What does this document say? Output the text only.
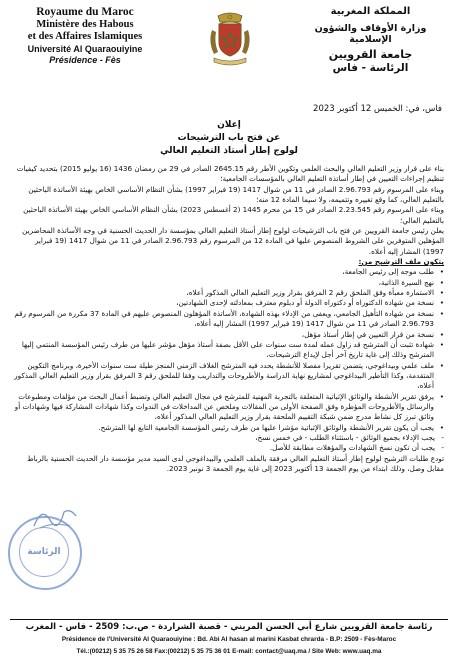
Royaume du Maroc
Ministère des Habous
et des Affaires Islamiques
Université Al Quaraouiyine
Présidence - Fès
المملكة المغربية
وزارة الأوقاف والشؤون الإسلامية
جامعة القرويين
الرئاسة - فاس
فاس، في: الخميس 12 أكتوبر 2023
إعلان
عن فتح باب الترشيحات
لولوج إطار أستاذ التعليم العالي

بناء على قرار وزير التعليم العالي والبحث العلمي وتكوين الأطر رقم 2645.15 الصادر في 29 من رمضان 1436 (16 يوليو 2015) بتحديد كيفيات تنظيم إجراءات التعيين في إطار أساتذة التعليم العالي بالمؤسسات الجامعية؛

وبناء على المرسوم رقم 2.96.793 الصادر في 11 من شوال 1417 (19 فبراير 1997) بشأن النظام الأساسي الخاص بهيئة الأساتذة الباحثين بالتعليم العالي، كما وقع تغييره وتتميمه، ولا سيما المادة 12 منه؛

وبناء على المرسوم رقم 2.23.545 الصادر في 15 من محرم 1445 (2 أغسطس 2023) بشأن النظام الأساسي الخاص بهيئة الأساتذة الباحثين بالتعليم العالي؛

يعلن رئيس جامعة القرويين عن فتح باب الترشيحات لولوج إطار أستاذ التعليم العالي بمؤسسة دار الحديث الحسنية في وجه الأساتذة المحاضرين المؤهلين المتوفرين على الشروط المنصوص عليها في المادة 12 من المرسوم رقم 2.96.793 الصادر في 11 من شوال 1417 (19 فبراير 1997) المشار إليه أعلاه.

يتكون ملف الترشيح من:

• طلب موجه إلى رئيس الجامعة،

• نهج السيرة الذاتية،

• الاستمارة معبأة وفق الملحق رقم 2 المرفق بقرار وزير التعليم العالي المذكور أعلاه،

• نسخة من شهادة الدكتوراه أو دكتوراه الدولة أو دبلوم معترف بمعادلته لإحدى الشهادتين،

• نسخة من شهادة التأهيل الجامعي، ويعفى من الإدلاء بهذه الشهادة، الأساتذة المؤهلون المنصوص عليهم في المادة 37 مكررة من المرسوم رقم 2.96.793 الصادر في 11 من شوال 1417 (19 فبراير 1997) المشار إليه أعلاه،

• نسخة من قرار التعيين في إطار أستاذ مؤهل،

• شهادة تثبت أن المترشح قد زاول عمله لمدة ست سنوات على الأقل بصفة أستاذ مؤهل مؤشر عليها من طرف رئيس المؤسسة المنتمي إليها المترشح وذلك إلى غاية تاريخ آخر أجل لإيداع الترشيحات،

• ملف علمي وبيداغوجي، يتضمن تقريرا مفصلا للأنشطة يحدد فيه المترشح الغلاف الزمني المنجز طيلة ست سنوات الأخيرة، وبرنامج التكوين المتقدمة، وكذا التأطير البيداغوجي لمشاريع نهاية الدراسة والأطروحات والتداريب وفقا للملحق رقم 3 المرفق بقرار وزير التعليم العالي المذكور أعلاه،

• يرفق تقرير الأنشطة والوثائق الإثباتية المتعلقة بالتجربة المهنية للمترشح في مجال التعليم العالي وتضبط أعمال البحث من مؤلفات ومطبوعات والرسائل والأطروحات المؤطرة وفق الصفحة الأولى من المقالات وملخص عن المداخلات في الندوات وكذا شهادات المشاركة فيها وشهادات أو وثائق تبرز كل نشاط مدرج ضمن شبكة التقييم الملحقة بقرار وزير التعليم العالي المذكور أعلاه،

• يجب أن يكون تقرير الأنشطة والوثائق الإثباتية مؤشرا عليها من طرف رئيس المؤسسة الجامعية التابع لها المترشح.

- يجب الإدلاء بجميع الوثائق - باستثناء الطلب - في خمس نسخ،

- يجب أن تكون نسخ الشهادات والمؤهلات مطابقة للأصل.

تودع طلبات الترشيح لولوج إطار أستاذ التعليم العالي مرفقة بالملف العلمي والبيداغوجي لدى السيد مدير مؤسسة دار الحديث الحسنية بالرباط مقابل وصل، وذلك ابتداء من يوم الجمعة 13 أكتوبر 2023 إلى غاية يوم الجمعة 3 نونبر 2023.

الرئاسة
رئاسة جامعة القرويين شارع أبي الحسن المريني - قصبة الشراردة - ص.ب: 2509 - فاس - المغرب
Présidence de l'Université Al Quaraouiyine : Bd. Abi Al hasan al marini Kasbat chrarda - B.P: 2509 - Fès-Maroc
Tél.:(00212) 5 35 75 26 58 Fax:(00212) 5 35 75 36 01 E-mail: contact@uaq.ma / Site Web: www.uaq.ma
